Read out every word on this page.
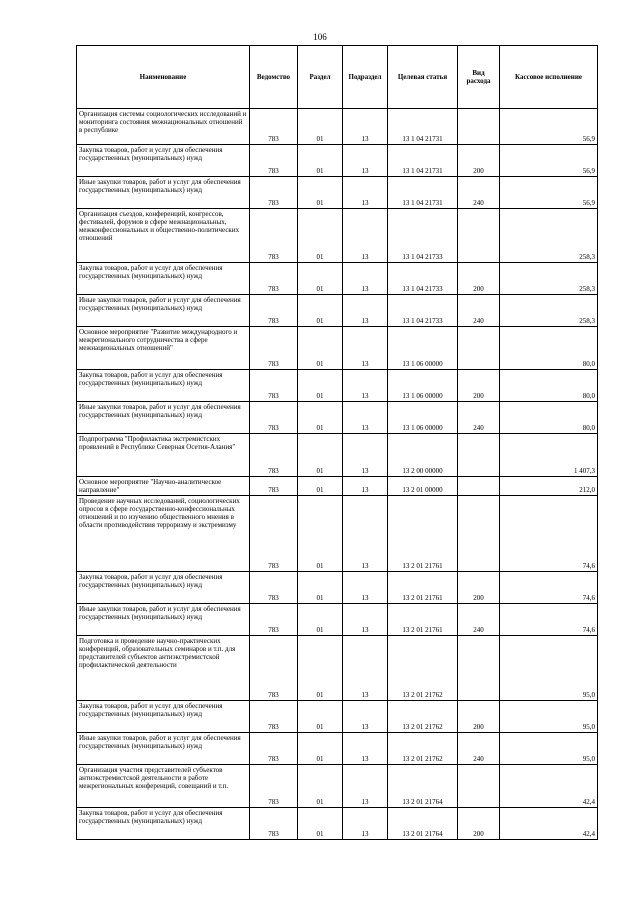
106
Наименование	Ведомство	Раздел	Подраздел	Целевая статья	Вид расхода	Кассовое исполнение
Организация системы социологических исследований и мониторинга состояния межнациональных отношений в республике	783	01	13	13 1 04 21731		56,9
Закупка товаров, работ и услуг для обеспечения государственных (муниципальных) нужд	783	01	13	13 1 04 21731	200	56,9
Иные закупки товаров, работ и услуг для обеспечения государственных (муниципальных) нужд	783	01	13	13 1 04 21731	240	56,9
Организация съездов, конференций, конгрессов, фестивалей, форумов в сфере межнациональных, межконфессиональных и общественно-политических отношений	783	01	13	13 1 04 21733		258,3
Закупка товаров, работ и услуг для обеспечения государственных (муниципальных) нужд	783	01	13	13 1 04 21733	200	258,3
Иные закупки товаров, работ и услуг для обеспечения государственных (муниципальных) нужд	783	01	13	13 1 04 21733	240	258,3
Основное мероприятие "Развитие международного и межрегионального сотрудничества в сфере межнациональных отношений"	783	01	13	13 1 06 00000		80,0
Закупка товаров, работ и услуг для обеспечения государственных (муниципальных) нужд	783	01	13	13 1 06 00000	200	80,0
Иные закупки товаров, работ и услуг для обеспечения государственных (муниципальных) нужд	783	01	13	13 1 06 00000	240	80,0
Подпрограмма "Профилактика экстремистских проявлений в Республике Северная Осетия-Алания"	783	01	13	13 2 00 00000		1 407,3
Основное мероприятие "Научно-аналитическое направление"	783	01	13	13 2 01 00000		212,0
Проведение научных исследований, социологических опросов в сфере государственно-конфессиональных отношений и по изучению общественного мнения в области противодействия терроризму и экстремизму	783	01	13	13 2 01 21761		74,6
Закупка товаров, работ и услуг для обеспечения государственных (муниципальных) нужд	783	01	13	13 2 01 21761	200	74,6
Иные закупки товаров, работ и услуг для обеспечения государственных (муниципальных) нужд	783	01	13	13 2 01 21761	240	74,6
Подготовка и проведение научно-практических конференций, образовательных семинаров и т.п. для представителей субъектов антиэкстремистской профилактической деятельности	783	01	13	13 2 01 21762		95,0
Закупка товаров, работ и услуг для обеспечения государственных (муниципальных) нужд	783	01	13	13 2 01 21762	200	95,0
Иные закупки товаров, работ и услуг для обеспечения государственных (муниципальных) нужд	783	01	13	13 2 01 21762	240	95,0
Организация участия представителей субъектов антиэкстремистской деятельности в работе межрегиональных конференций, совещаний и т.п.	783	01	13	13 2 01 21764		42,4
Закупка товаров, работ и услуг для обеспечения государственных (муниципальных) нужд	783	01	13	13 2 01 21764	200	42,4
